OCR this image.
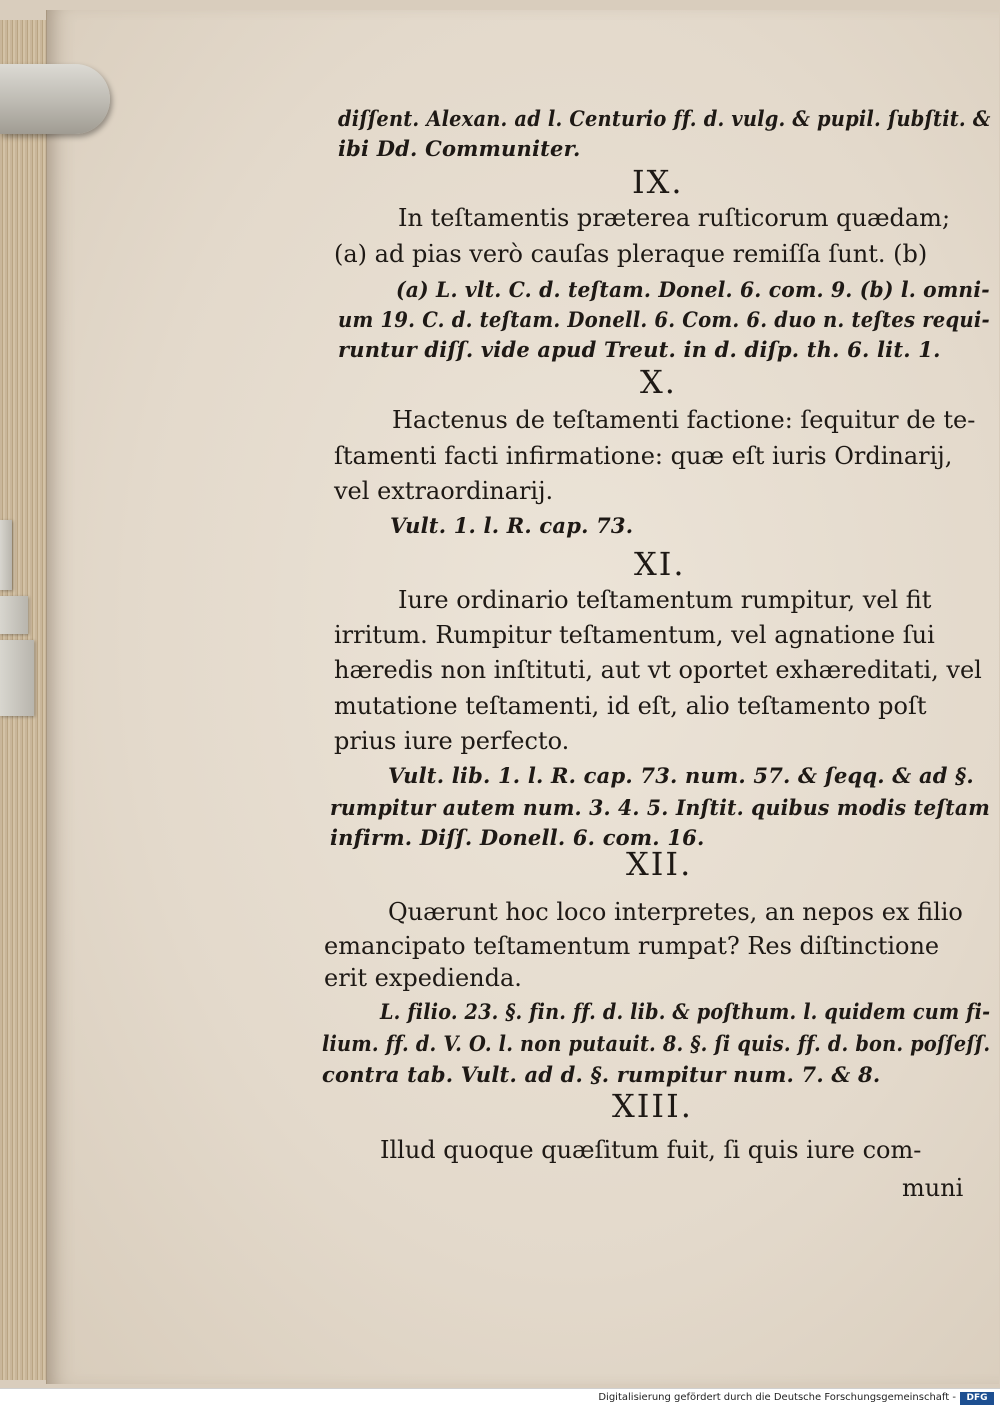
diſſent. Alexan. ad l. Centurio ff. d. vulg. & pupil. ſubſtit. &
ibi Dd. Communiter.
IX.
In teſtamentis præterea ruſticorum quædam;
(a) ad pias verò cauſas pleraque remiſſa ſunt. (b)
(a) L. vlt. C. d. teſtam. Donel. 6. com. 9. (b) l. omni-
um 19. C. d. teſtam. Donell. 6. Com. 6. duo n. teſtes requi-
runtur diſſ. vide apud Treut. in d. diſp. th. 6. lit. 1.
X.
Hactenus de teſtamenti factione: ſequitur de te-
ſtamenti facti infirmatione: quæ eſt iuris Ordinarij,
vel extraordinarij.
Vult. 1. l. R. cap. 73.
XI.
Iure ordinario teſtamentum rumpitur, vel fit
irritum. Rumpitur teſtamentum, vel agnatione ſui
hæredis non inſtituti, aut vt oportet exhæreditati, vel
mutatione teſtamenti, id eſt, alio teſtamento poſt
prius iure perfecto.
Vult. lib. 1. l. R. cap. 73. num. 57. & ſeqq. & ad §.
rumpitur autem num. 3. 4. 5. Inſtit. quibus modis teſtam
infirm. Diſſ. Donell. 6. com. 16.
XII.
Quærunt hoc loco interpretes, an nepos ex filio
emancipato teſtamentum rumpat? Res diſtinctione
erit expedienda.
L. filio. 23. §. fin. ff. d. lib. & poſthum. l. quidem cum fi-
lium. ff. d. V. O. l. non putauit. 8. §. ſi quis. ff. d. bon. poſſeſſ.
contra tab. Vult. ad d. §. rumpitur num. 7. & 8.
XIII.
Illud quoque quæſitum fuit, ſi quis iure com-
muni
Digitalisierung gefördert durch die Deutsche Forschungsgemeinschaft -	DFG
